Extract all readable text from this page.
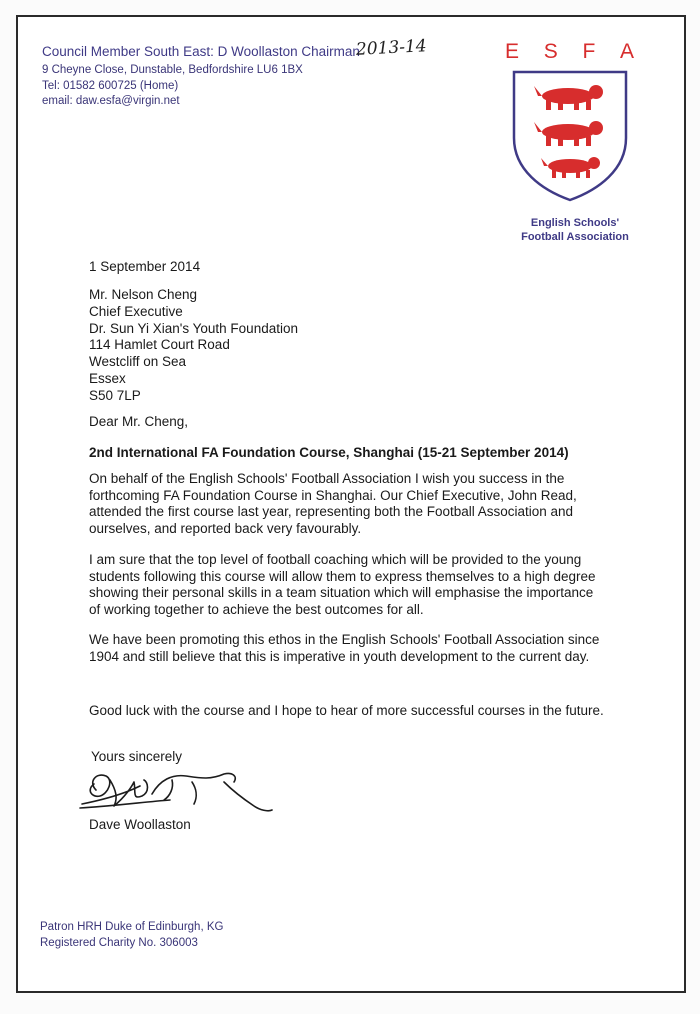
Council Member South East: D Woollaston Chairman
2013-14
9 Cheyne Close, Dunstable, Bedfordshire LU6 1BX
Tel: 01582 600725 (Home)
email: daw.esfa@virgin.net
E S F A
English Schools'
Football Association
1 September 2014
Mr. Nelson Cheng
Chief Executive
Dr. Sun Yi Xian's Youth Foundation
114 Hamlet Court Road
Westcliff on Sea
Essex
S50 7LP
Dear Mr. Cheng,
2nd International FA Foundation Course, Shanghai (15-21 September 2014)
On behalf of the English Schools' Football Association I wish you success in the forthcoming FA Foundation Course in Shanghai. Our Chief Executive, John Read, attended the first course last year, representing both the Football Association and ourselves, and reported back very favourably.
I am sure that the top level of football coaching which will be provided to the young students following this course will allow them to express themselves to a high degree showing their personal skills in a team situation which will emphasise the importance of working together to achieve the best outcomes for all.
We have been promoting this ethos in the English Schools' Football Association since 1904 and still believe that this is imperative in youth development to the current day.
Good luck with the course and I hope to hear of more successful courses in the future.
Yours sincerely
Dave Woollaston
Patron HRH Duke of Edinburgh, KG
Registered Charity No. 306003
